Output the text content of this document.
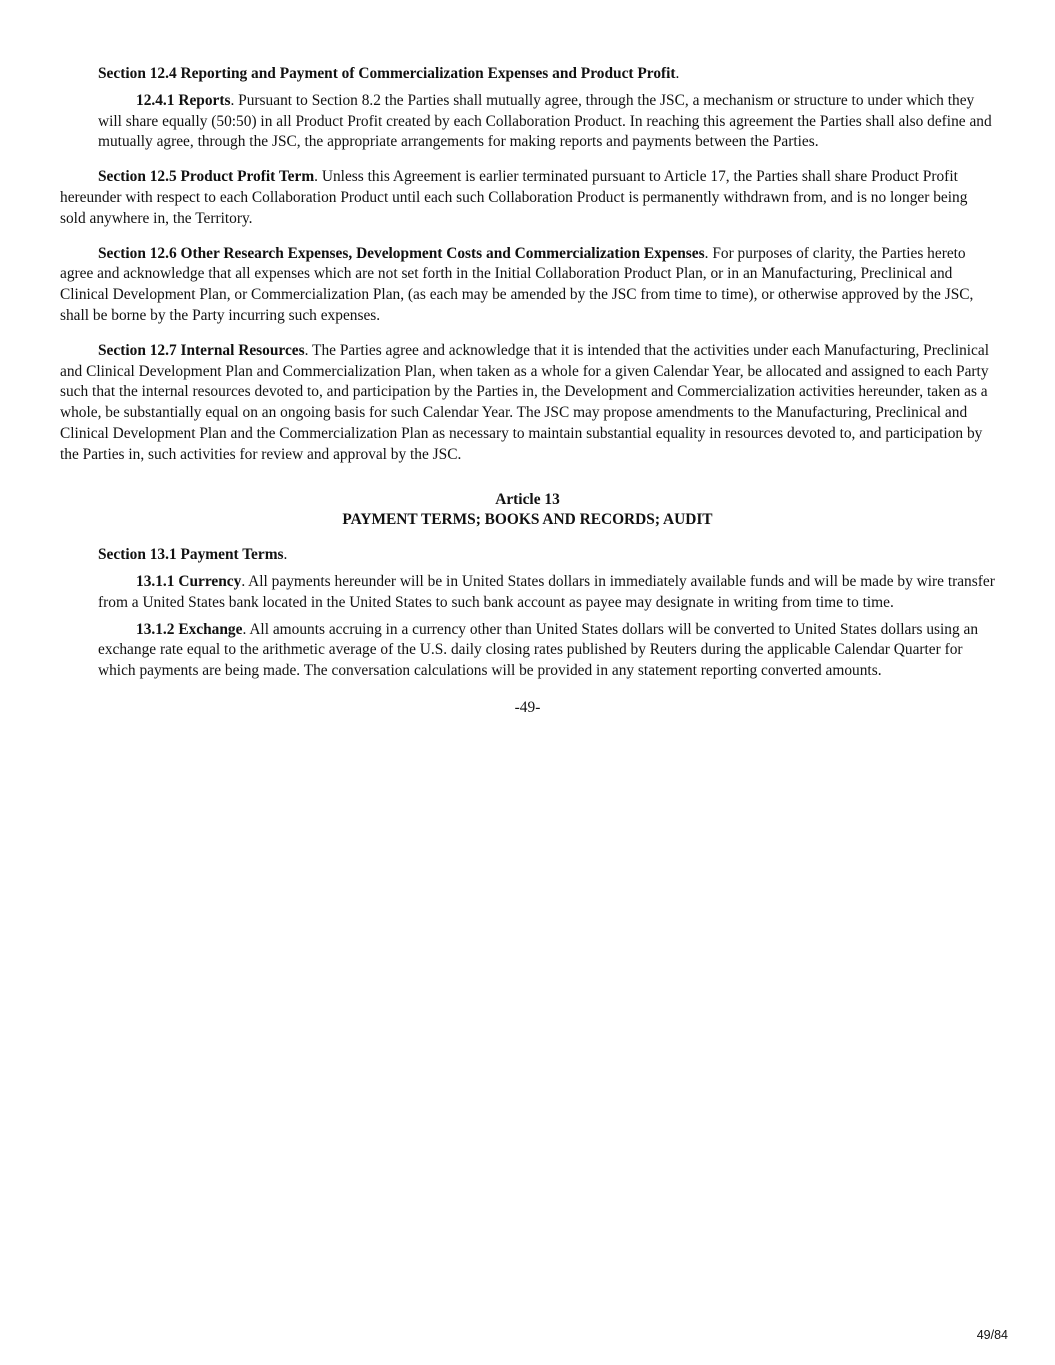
Section 12.4 Reporting and Payment of Commercialization Expenses and Product Profit.

12.4.1 Reports. Pursuant to Section 8.2 the Parties shall mutually agree, through the JSC, a mechanism or structure to under which they will share equally (50:50) in all Product Profit created by each Collaboration Product. In reaching this agreement the Parties shall also define and mutually agree, through the JSC, the appropriate arrangements for making reports and payments between the Parties.

Section 12.5 Product Profit Term. Unless this Agreement is earlier terminated pursuant to Article 17, the Parties shall share Product Profit hereunder with respect to each Collaboration Product until each such Collaboration Product is permanently withdrawn from, and is no longer being sold anywhere in, the Territory.

Section 12.6 Other Research Expenses, Development Costs and Commercialization Expenses. For purposes of clarity, the Parties hereto agree and acknowledge that all expenses which are not set forth in the Initial Collaboration Product Plan, or in an Manufacturing, Preclinical and Clinical Development Plan, or Commercialization Plan, (as each may be amended by the JSC from time to time), or otherwise approved by the JSC, shall be borne by the Party incurring such expenses.

Section 12.7 Internal Resources. The Parties agree and acknowledge that it is intended that the activities under each Manufacturing, Preclinical and Clinical Development Plan and Commercialization Plan, when taken as a whole for a given Calendar Year, be allocated and assigned to each Party such that the internal resources devoted to, and participation by the Parties in, the Development and Commercialization activities hereunder, taken as a whole, be substantially equal on an ongoing basis for such Calendar Year. The JSC may propose amendments to the Manufacturing, Preclinical and Clinical Development Plan and the Commercialization Plan as necessary to maintain substantial equality in resources devoted to, and participation by the Parties in, such activities for review and approval by the JSC.

Article 13

PAYMENT TERMS; BOOKS AND RECORDS; AUDIT

Section 13.1 Payment Terms.

13.1.1 Currency. All payments hereunder will be in United States dollars in immediately available funds and will be made by wire transfer from a United States bank located in the United States to such bank account as payee may designate in writing from time to time.

13.1.2 Exchange. All amounts accruing in a currency other than United States dollars will be converted to United States dollars using an exchange rate equal to the arithmetic average of the U.S. daily closing rates published by Reuters during the applicable Calendar Quarter for which payments are being made. The conversation calculations will be provided in any statement reporting converted amounts.

-49-

49/84
